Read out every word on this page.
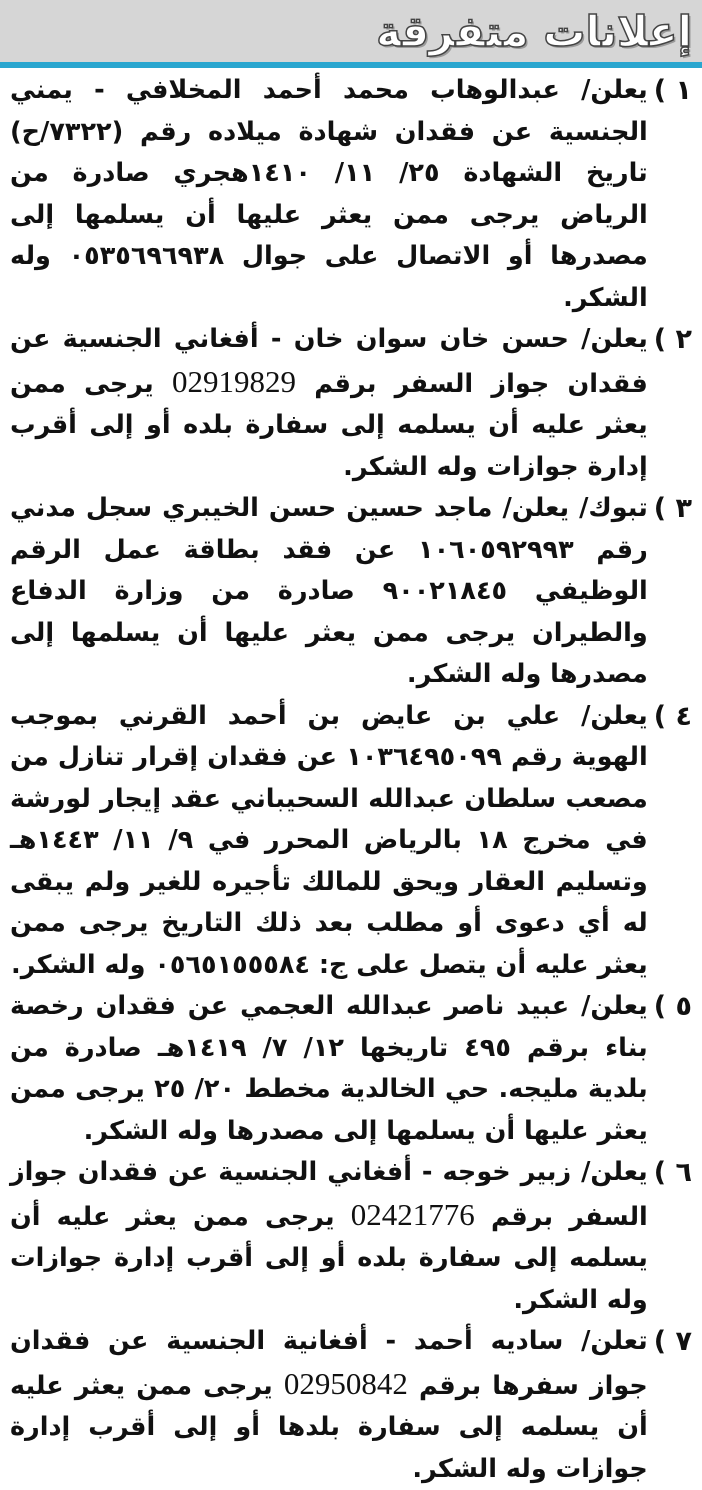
إعلانات متفرقة
١ )

يعلن/ عبدالوهاب محمد أحمد المخلافي - يمني الجنسية عن فقدان شهادة ميلاده رقم (٧٣٢٢/ح) تاريخ الشهادة ٢٥/ ١١/ ١٤١٠هجري صادرة من الرياض يرجى ممن يعثر عليها أن يسلمها إلى مصدرها أو الاتصال على جوال ٠٥٣٥٦٩٦٩٣٨ وله الشكر.

٢ )

يعلن/ حسن خان سوان خان - أفغاني الجنسية عن فقدان جواز السفر برقم 02919829 يرجى ممن يعثر عليه أن يسلمه إلى سفارة بلده أو إلى أقرب إدارة جوازات وله الشكر.

٣ )

تبوك/ يعلن/ ماجد حسين حسن الخيبري سجل مدني رقم ١٠٦٠٥٩٢٩٩٣ عن فقد بطاقة عمل الرقم الوظيفي ٩٠٠٢١٨٤٥ صادرة من وزارة الدفاع والطيران يرجى ممن يعثر عليها أن يسلمها إلى مصدرها وله الشكر.

٤ )

يعلن/ علي بن عايض بن أحمد القرني بموجب الهوية رقم ١٠٣٦٤٩٥٠٩٩ عن فقدان إقرار تنازل من مصعب سلطان عبدالله السحيباني عقد إيجار لورشة في مخرج ١٨ بالرياض المحرر في ٩/ ١١/ ١٤٤٣هـ وتسليم العقار ويحق للمالك تأجيره للغير ولم يبقى له أي دعوى أو مطلب بعد ذلك التاريخ يرجى ممن يعثر عليه أن يتصل على ج: ٠٥٦٥١٥٥٥٨٤ وله الشكر.

٥ )

يعلن/ عبيد ناصر عبدالله العجمي عن فقدان رخصة بناء برقم ٤٩٥ تاريخها ١٢/ ٧/ ١٤١٩هـ صادرة من بلدية مليجه. حي الخالدية مخطط ٢٠/ ٢٥ يرجى ممن يعثر عليها أن يسلمها إلى مصدرها وله الشكر.

٦ )

يعلن/ زبير خوجه - أفغاني الجنسية عن فقدان جواز السفر برقم 02421776 يرجى ممن يعثر عليه أن يسلمه إلى سفارة بلده أو إلى أقرب إدارة جوازات وله الشكر.

٧ )

تعلن/ ساديه أحمد - أفغانية الجنسية عن فقدان جواز سفرها برقم 02950842 يرجى ممن يعثر عليه أن يسلمه إلى سفارة بلدها أو إلى أقرب إدارة جوازات وله الشكر.
